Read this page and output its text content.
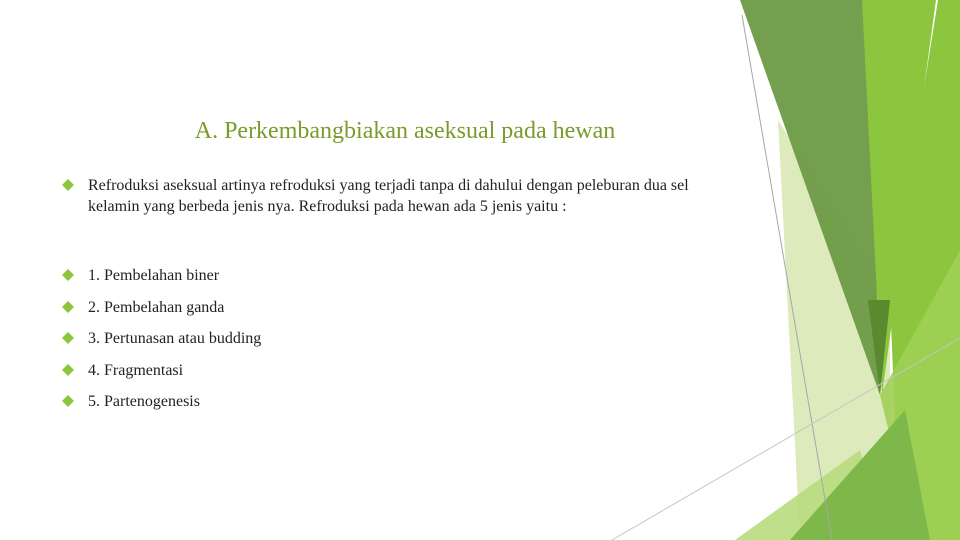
A. Perkembangbiakan aseksual pada hewan
Refroduksi aseksual artinya refroduksi yang terjadi tanpa di dahului dengan peleburan dua sel kelamin yang berbeda jenis nya. Refroduksi pada hewan ada 5 jenis yaitu :
1. Pembelahan biner
2. Pembelahan ganda
3. Pertunasan atau budding
4. Fragmentasi
5. Partenogenesis
